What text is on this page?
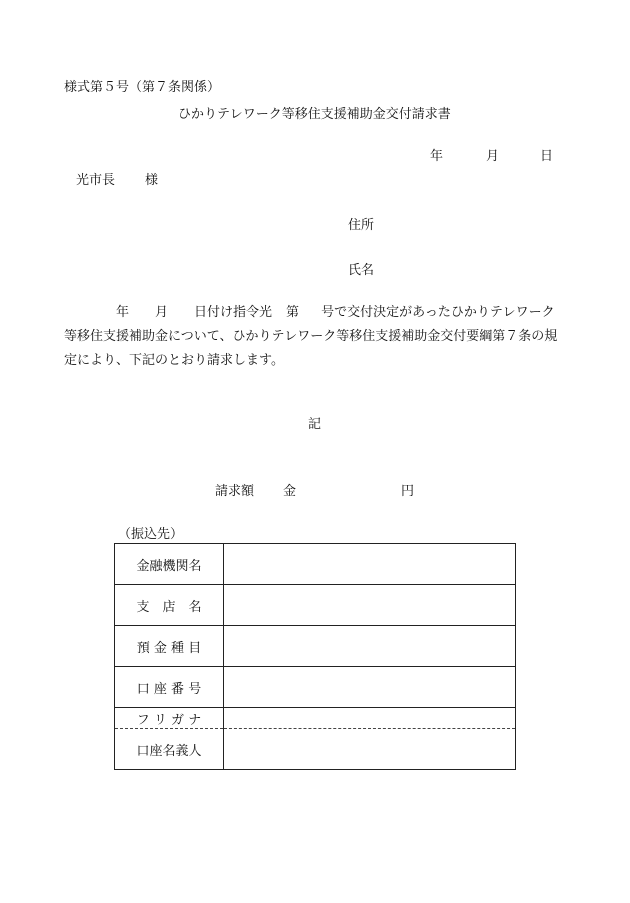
様式第５号（第７条関係）
ひかりテレワーク等移住支援補助金交付請求書
年	月	日
光市長 様
住所
氏名
年 月 日付け指令光 第 号で交付決定があったひかりテレワーク等移住支援補助金について、ひかりテレワーク等移住支援補助金交付要綱第７条の規定により、下記のとおり請求します。
記
請求額 金	円
（振込先）
金融機関名	
支　店　名	
預 金 種 目	
口 座 番 号	
フ リ ガ ナ	
口座名義人	
